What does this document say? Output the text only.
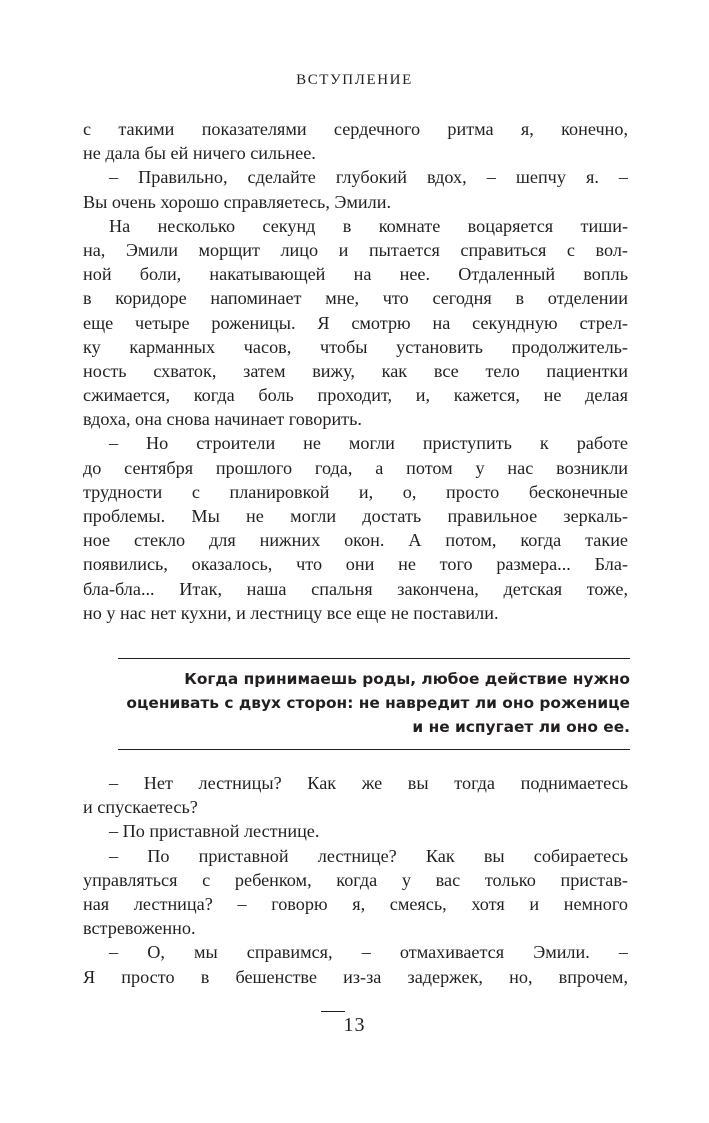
ВСТУПЛЕНИЕ
с такими показателями сердечного ритма я, конечно,
не дала бы ей ничего сильнее.
– Правильно, сделайте глубокий вдох, – шепчу я. –
Вы очень хорошо справляетесь, Эмили.
На несколько секунд в комнате воцаряется тиши-
на, Эмили морщит лицо и пытается справиться с вол-
ной боли, накатывающей на нее. Отдаленный вопль
в коридоре напоминает мне, что сегодня в отделении
еще четыре роженицы. Я смотрю на секундную стрел-
ку карманных часов, чтобы установить продолжитель-
ность схваток, затем вижу, как все тело пациентки
сжимается, когда боль проходит, и, кажется, не делая
вдоха, она снова начинает говорить.
– Но строители не могли приступить к работе
до сентября прошлого года, а потом у нас возникли
трудности с планировкой и, о, просто бесконечные
проблемы. Мы не могли достать правильное зеркаль-
ное стекло для нижних окон. А потом, когда такие
появились, оказалось, что они не того размера... Бла-
бла-бла... Итак, наша спальня закончена, детская тоже,
но у нас нет кухни, и лестницу все еще не поставили.
Когда принимаешь роды, любое действие нужно
оценивать с двух сторон: не навредит ли оно роженице
и не испугает ли оно ее.
– Нет лестницы? Как же вы тогда поднимаетесь
и спускаетесь?
– По приставной лестнице.
– По приставной лестнице? Как вы собираетесь
управляться с ребенком, когда у вас только пристав-
ная лестница? – говорю я, смеясь, хотя и немного
встревоженно.
– О, мы справимся, – отмахивается Эмили. –
Я просто в бешенстве из-за задержек, но, впрочем,
13
